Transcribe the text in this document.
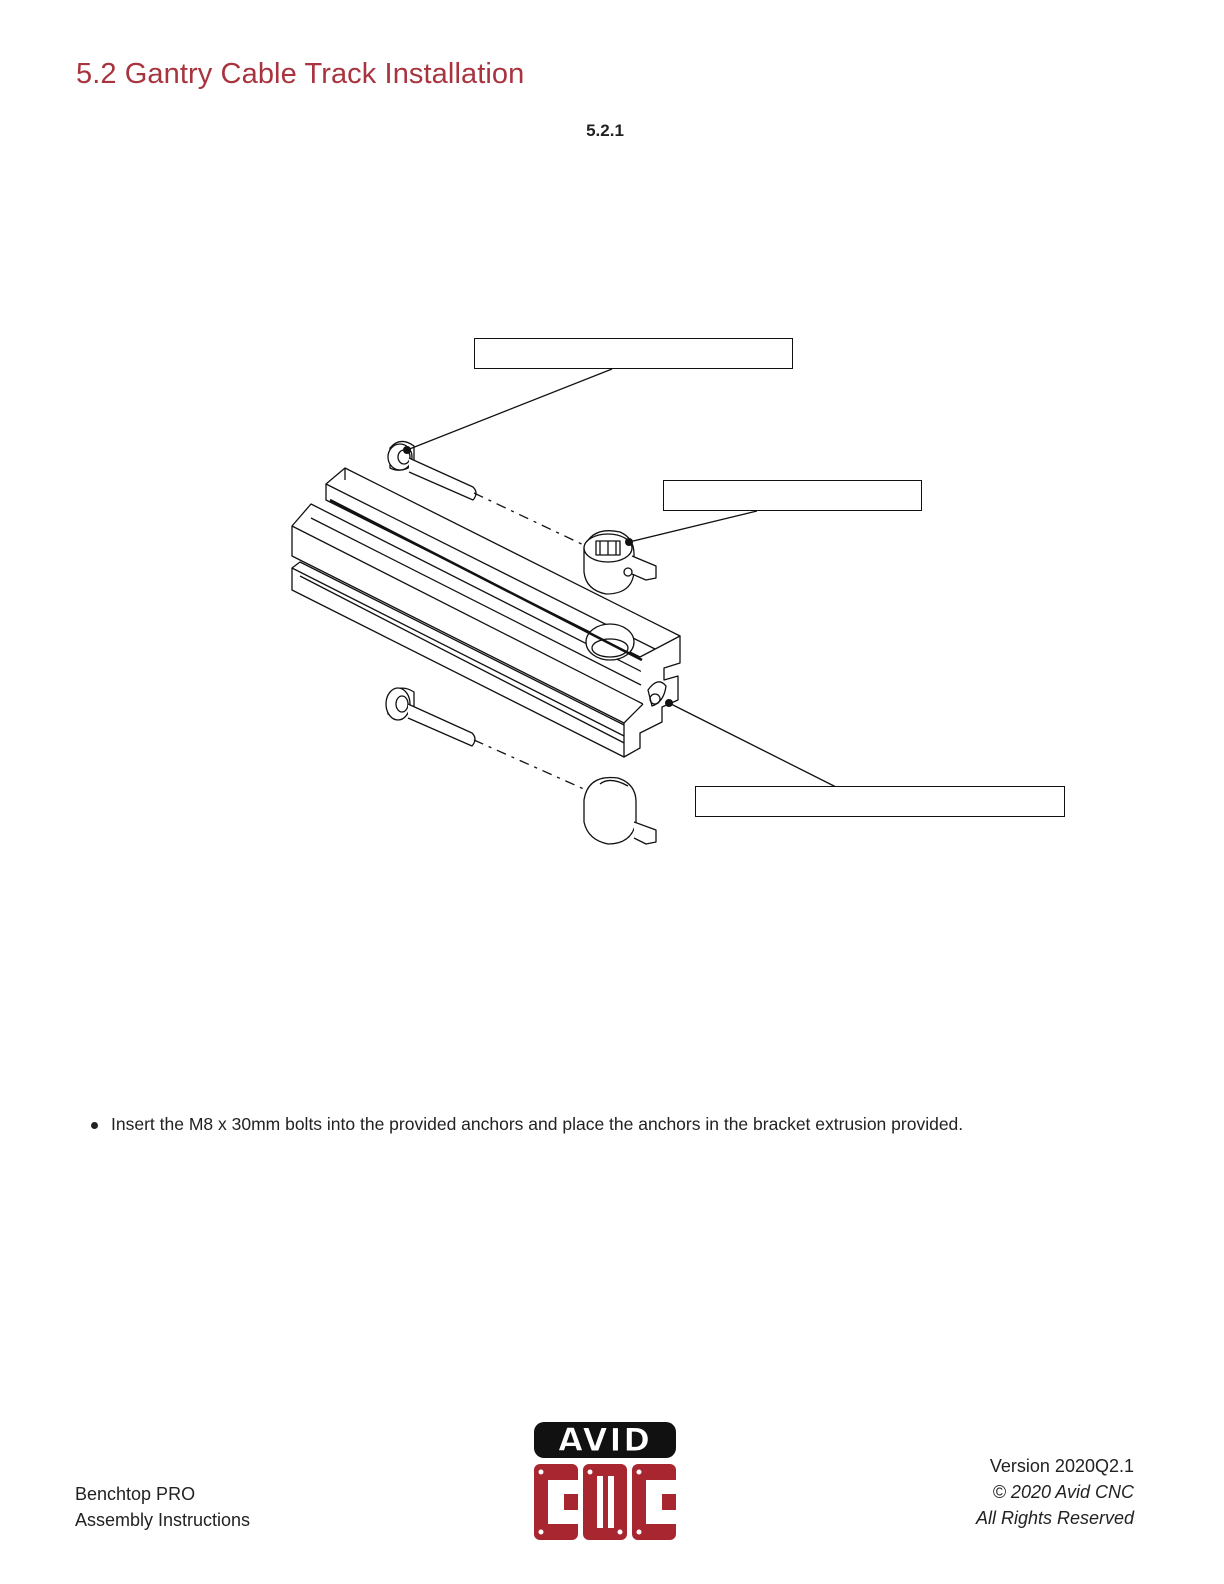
5.2 Gantry Cable Track Installation
5.2.1
Insert the M8 x 30mm bolts into the provided anchors and place the anchors in the bracket extrusion provided.
Benchtop PRO
Assembly Instructions
AVID
CNC
Version 2020Q2.1
© 2020 Avid CNC
All Rights Reserved
